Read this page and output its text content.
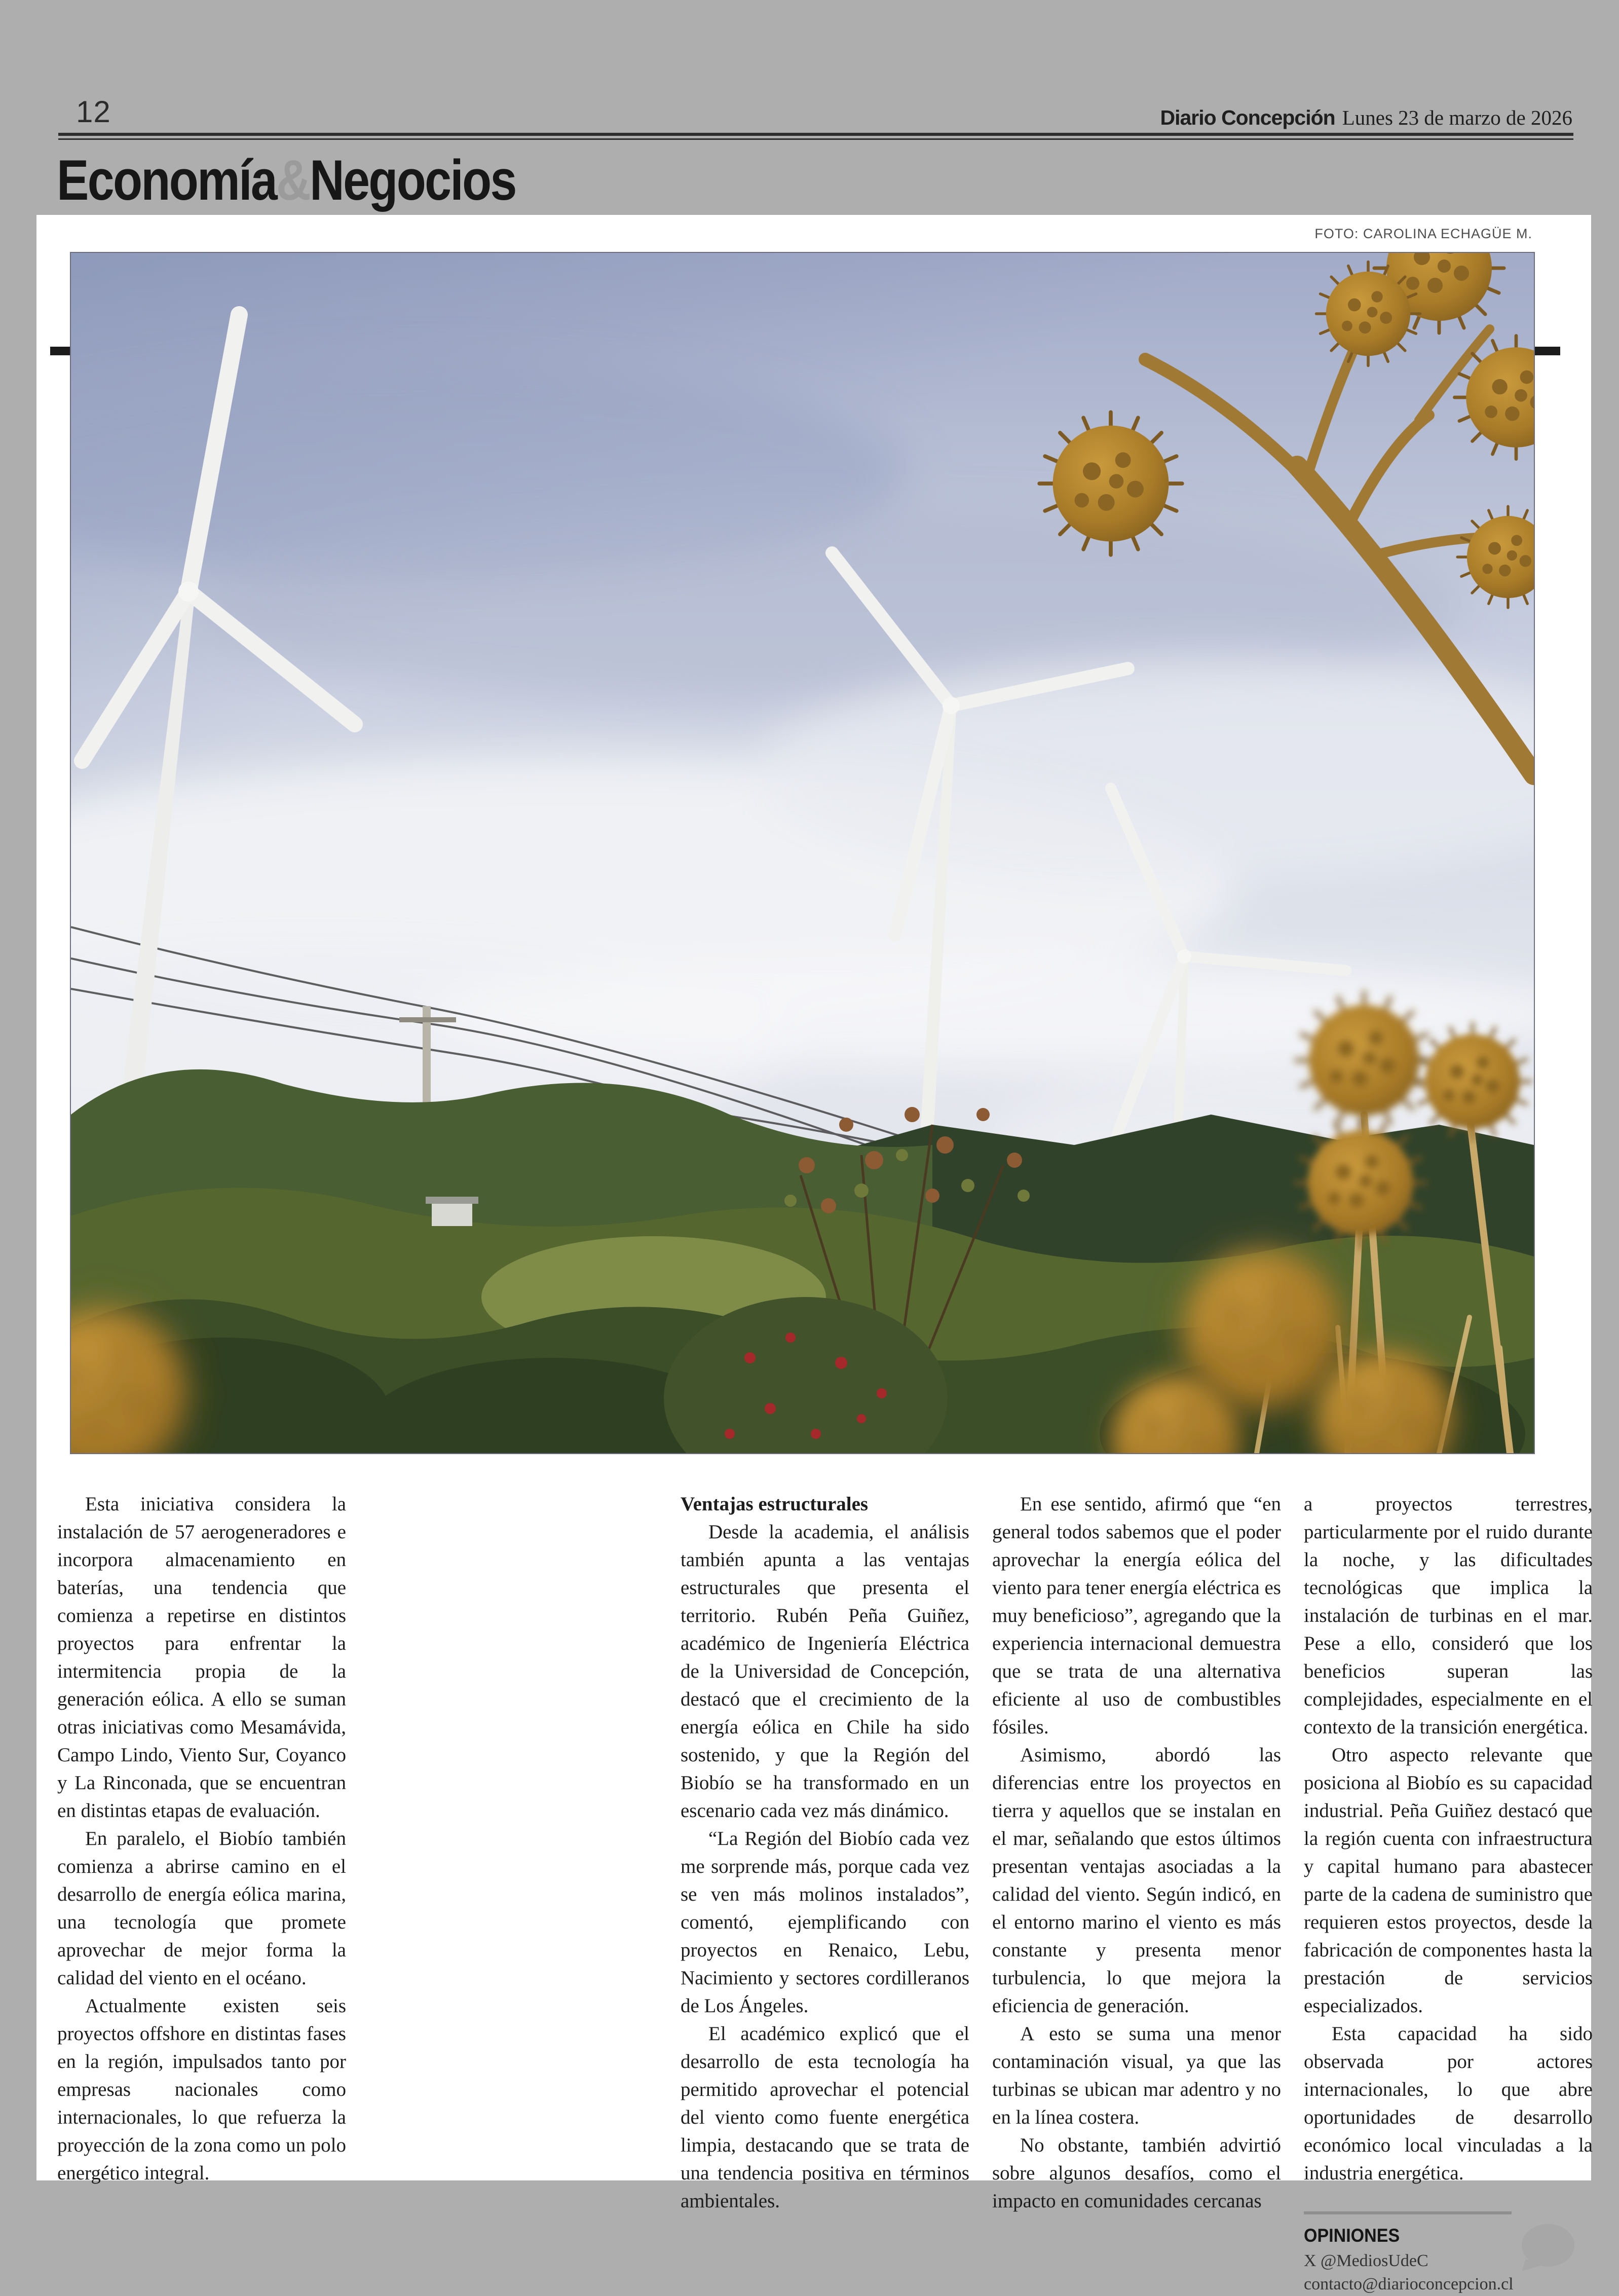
12	Diario Concepción Lunes 23 de marzo de 2026
Economía&Negocios
FOTO: CAROLINA ECHAGÜE M.

Esta iniciativa considera la instalación de 57 aerogeneradores e incorpora almacenamiento en baterías, una tendencia que comienza a repetirse en distintos proyectos para enfrentar la intermitencia propia de la generación eólica. A ello se suman otras iniciativas como Mesamávida, Campo Lindo, Viento Sur, Coyanco y La Rinconada, que se encuentran en distintas etapas de evaluación.

En paralelo, el Biobío también comienza a abrirse camino en el desarrollo de energía eólica marina, una tecnología que promete aprovechar de mejor forma la calidad del viento en el océano.

Actualmente existen seis proyectos offshore en distintas fases en la región, impulsados tanto por empresas nacionales como internacionales, lo que refuerza la proyección de la zona como un polo energético integral.

Ventajas estructurales

Desde la academia, el análisis también apunta a las ventajas estructurales que presenta el territorio. Rubén Peña Guiñez, académico de Ingeniería Eléctrica de la Universidad de Concepción, destacó que el crecimiento de la energía eólica en Chile ha sido sostenido, y que la Región del Biobío se ha transformado en un escenario cada vez más dinámico.

“La Región del Biobío cada vez me sorprende más, porque cada vez se ven más molinos instalados”, comentó, ejemplificando con proyectos en Renaico, Lebu, Nacimiento y sectores cordilleranos de Los Ángeles.

El académico explicó que el desarrollo de esta tecnología ha permitido aprovechar el potencial del viento como fuente energética limpia, destacando que se trata de una tendencia positiva en términos ambientales.

En ese sentido, afirmó que “en general todos sabemos que el poder aprovechar la energía eólica del viento para tener energía eléctrica es muy beneficioso”, agregando que la experiencia internacional demuestra que se trata de una alternativa eficiente al uso de combustibles fósiles.

Asimismo, abordó las diferencias entre los proyectos en tierra y aquellos que se instalan en el mar, señalando que estos últimos presentan ventajas asociadas a la calidad del viento. Según indicó, en el entorno marino el viento es más constante y presenta menor turbulencia, lo que mejora la eficiencia de generación.

A esto se suma una menor contaminación visual, ya que las turbinas se ubican mar adentro y no en la línea costera.

No obstante, también advirtió sobre algunos desafíos, como el impacto en comunidades cercanas

a proyectos terrestres, particularmente por el ruido durante la noche, y las dificultades tecnológicas que implica la instalación de turbinas en el mar. Pese a ello, consideró que los beneficios superan las complejidades, especialmente en el contexto de la transición energética.

Otro aspecto relevante que posiciona al Biobío es su capacidad industrial. Peña Guiñez destacó que la región cuenta con infraestructura y capital humano para abastecer parte de la cadena de suministro que requieren estos proyectos, desde la fabricación de componentes hasta la prestación de servicios especializados.

Esta capacidad ha sido observada por actores internacionales, lo que abre oportunidades de desarrollo económico local vinculadas a la industria energética.

OPINIONES
X @MediosUdeC
contacto@diarioconcepcion.cl
